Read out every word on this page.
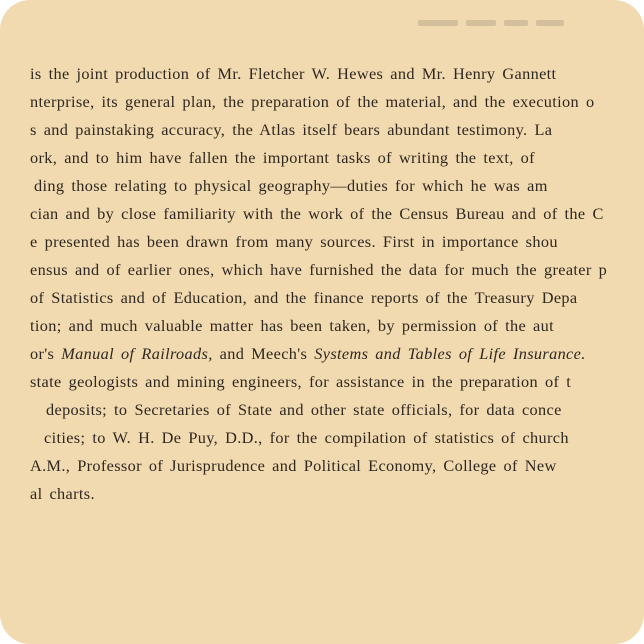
is the joint production of Mr. Fletcher W. Hewes and Mr. Henry Gannett
nterprise, its general plan, the preparation of the material, and the execution o
s and painstaking accuracy, the Atlas itself bears abundant testimony. La
ork, and to him have fallen the important tasks of writing the text, of
ding those relating to physical geography—duties for which he was am
cian and by close familiarity with the work of the Census Bureau and of the C
e presented has been drawn from many sources. First in importance shou
ensus and of earlier ones, which have furnished the data for much the greater p
of Statistics and of Education, and the finance reports of the Treasury Depa
tion; and much valuable matter has been taken, by permission of the aut
or's Manual of Railroads, and Meech's Systems and Tables of Life Insurance.
state geologists and mining engineers, for assistance in the preparation of t
deposits; to Secretaries of State and other state officials, for data conce
cities; to W. H. De Puy, D.D., for the compilation of statistics of church
A.M., Professor of Jurisprudence and Political Economy, College of New
al charts.
